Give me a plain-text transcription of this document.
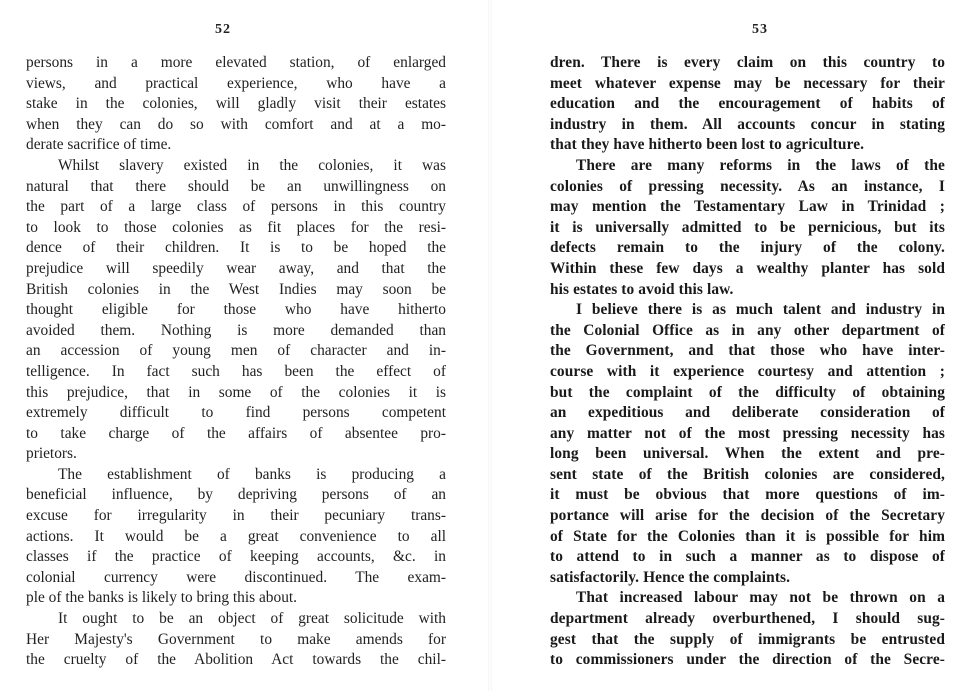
52
persons in a more elevated station, of enlarged
views, and practical experience, who have a
stake in the colonies, will gladly visit their estates
when they can do so with comfort and at a mo-
derate sacrifice of time.
Whilst slavery existed in the colonies, it was
natural that there should be an unwillingness on
the part of a large class of persons in this country
to look to those colonies as fit places for the resi-
dence of their children. It is to be hoped the
prejudice will speedily wear away, and that the
British colonies in the West Indies may soon be
thought eligible for those who have hitherto
avoided them. Nothing is more demanded than
an accession of young men of character and in-
telligence. In fact such has been the effect of
this prejudice, that in some of the colonies it is
extremely difficult to find persons competent
to take charge of the affairs of absentee pro-
prietors.
The establishment of banks is producing a
beneficial influence, by depriving persons of an
excuse for irregularity in their pecuniary trans-
actions. It would be a great convenience to all
classes if the practice of keeping accounts, &c. in
colonial currency were discontinued. The exam-
ple of the banks is likely to bring this about.
It ought to be an object of great solicitude with
Her Majesty's Government to make amends for
the cruelty of the Abolition Act towards the chil-
53
dren. There is every claim on this country to
meet whatever expense may be necessary for their
education and the encouragement of habits of
industry in them. All accounts concur in stating
that they have hitherto been lost to agriculture.
There are many reforms in the laws of the
colonies of pressing necessity. As an instance, I
may mention the Testamentary Law in Trinidad ;
it is universally admitted to be pernicious, but its
defects remain to the injury of the colony.
Within these few days a wealthy planter has sold
his estates to avoid this law.
I believe there is as much talent and industry in
the Colonial Office as in any other department of
the Government, and that those who have inter-
course with it experience courtesy and attention ;
but the complaint of the difficulty of obtaining
an expeditious and deliberate consideration of
any matter not of the most pressing necessity has
long been universal. When the extent and pre-
sent state of the British colonies are considered,
it must be obvious that more questions of im-
portance will arise for the decision of the Secretary
of State for the Colonies than it is possible for him
to attend to in such a manner as to dispose of
satisfactorily. Hence the complaints.
That increased labour may not be thrown on a
department already overburthened, I should sug-
gest that the supply of immigrants be entrusted
to commissioners under the direction of the Secre-
